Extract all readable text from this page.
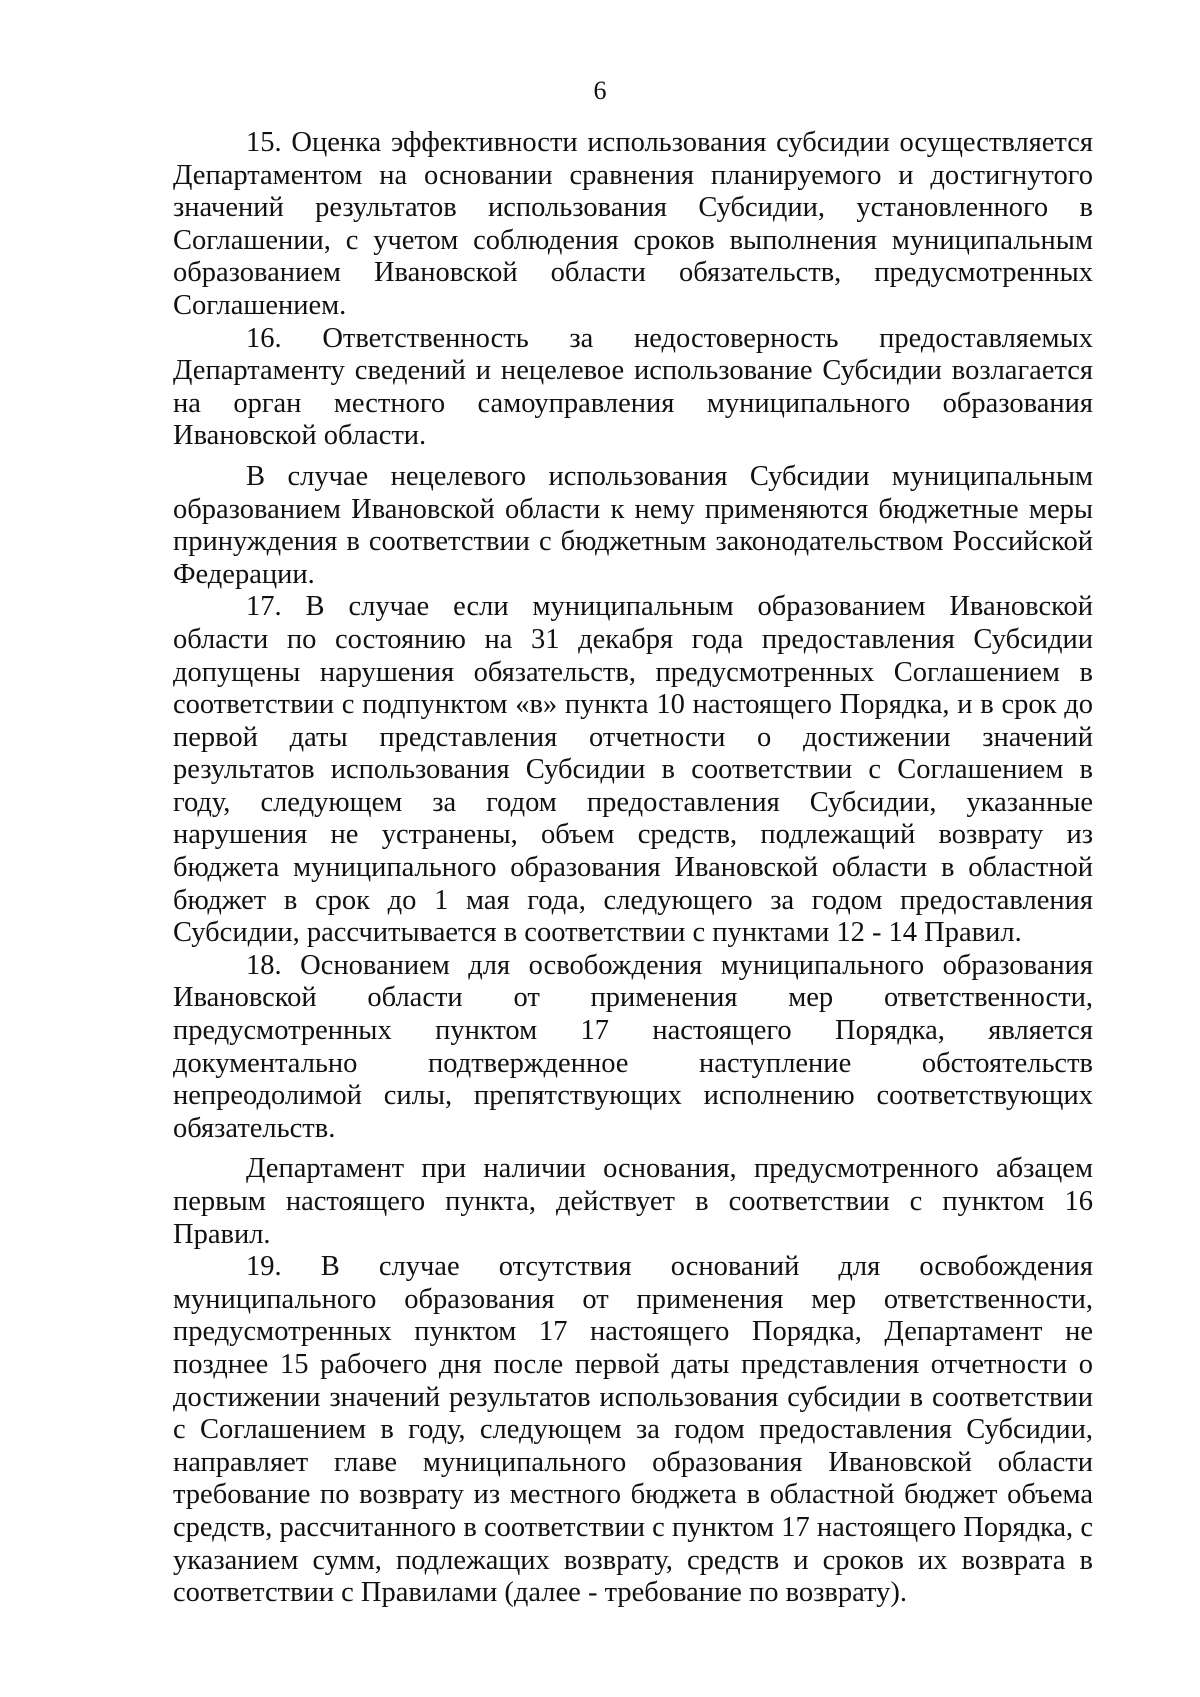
6

15. Оценка эффективности использования субсидии осуществляется Департаментом на основании сравнения планируемого и достигнутого значений результатов использования Субсидии, установленного в Соглашении, с учетом соблюдения сроков выполнения муниципальным образованием Ивановской области обязательств, предусмотренных Соглашением.

16. Ответственность за недостоверность предоставляемых Департаменту сведений и нецелевое использование Субсидии возлагается на орган местного самоуправления муниципального образования Ивановской области.

В случае нецелевого использования Субсидии муниципальным образованием Ивановской области к нему применяются бюджетные меры принуждения в соответствии с бюджетным законодательством Российской Федерации.

17. В случае если муниципальным образованием Ивановской области по состоянию на 31 декабря года предоставления Субсидии допущены нарушения обязательств, предусмотренных Соглашением в соответствии с подпунктом «в» пункта 10 настоящего Порядка, и в срок до первой даты представления отчетности о достижении значений результатов использования Субсидии в соответствии с Соглашением в году, следующем за годом предоставления Субсидии, указанные нарушения не устранены, объем средств, подлежащий возврату из бюджета муниципального образования Ивановской области в областной бюджет в срок до 1 мая года, следующего за годом предоставления Субсидии, рассчитывается в соответствии с пунктами 12 - 14 Правил.

18. Основанием для освобождения муниципального образования Ивановской области от применения мер ответственности, предусмотренных пунктом 17 настоящего Порядка, является документально подтвержденное наступление обстоятельств непреодолимой силы, препятствующих исполнению соответствующих обязательств.

Департамент при наличии основания, предусмотренного абзацем первым настоящего пункта, действует в соответствии с пунктом 16 Правил.

19. В случае отсутствия оснований для освобождения муниципального образования от применения мер ответственности, предусмотренных пунктом 17 настоящего Порядка, Департамент не позднее 15 рабочего дня после первой даты представления отчетности о достижении значений результатов использования субсидии в соответствии с Соглашением в году, следующем за годом предоставления Субсидии, направляет главе муниципального образования Ивановской области требование по возврату из местного бюджета в областной бюджет объема средств, рассчитанного в соответствии с пунктом 17 настоящего Порядка, с указанием сумм, подлежащих возврату, средств и сроков их возврата в соответствии с Правилами (далее - требование по возврату).
